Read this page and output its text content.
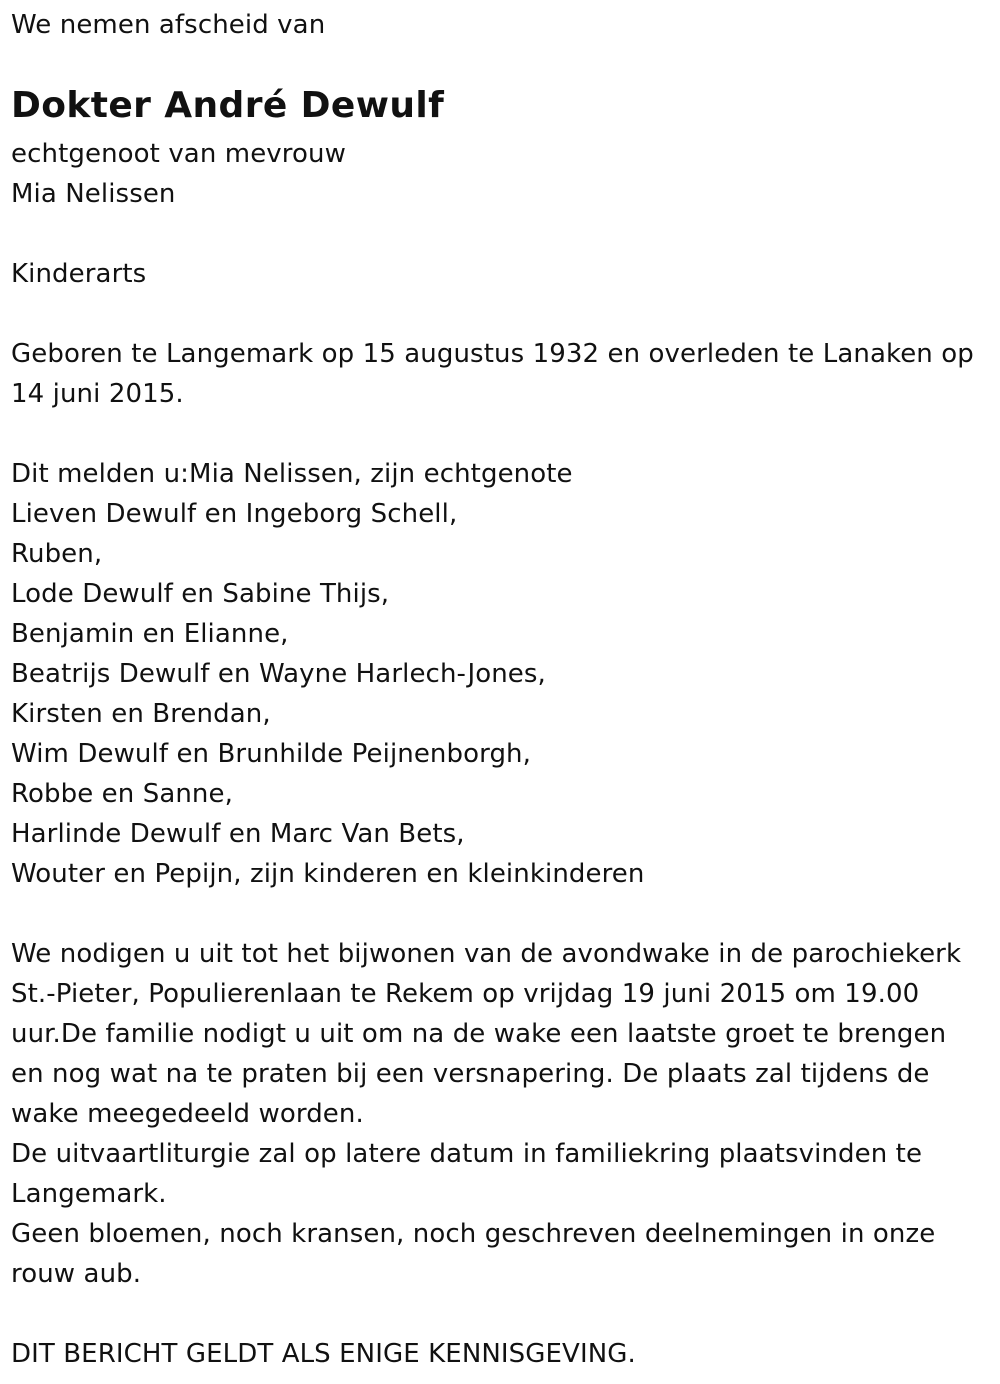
We nemen afscheid van
Dokter André Dewulf
echtgenoot van mevrouw
Mia Nelissen
Kinderarts
Geboren te Langemark op 15 augustus 1932 en overleden te Lanaken op
14 juni 2015.
Dit melden u:Mia Nelissen, zijn echtgenote
Lieven Dewulf en Ingeborg Schell,
Ruben,
Lode Dewulf en Sabine Thijs,
Benjamin en Elianne,
Beatrijs Dewulf en Wayne Harlech-Jones,
Kirsten en Brendan,
Wim Dewulf en Brunhilde Peijnenborgh,
Robbe en Sanne,
Harlinde Dewulf en Marc Van Bets,
Wouter en Pepijn, zijn kinderen en kleinkinderen
We nodigen u uit tot het bijwonen van de avondwake in de parochiekerk
St.-Pieter, Populierenlaan te Rekem op vrijdag 19 juni 2015 om 19.00
uur.De familie nodigt u uit om na de wake een laatste groet te brengen
en nog wat na te praten bij een versnapering. De plaats zal tijdens de
wake meegedeeld worden.
De uitvaartliturgie zal op latere datum in familiekring plaatsvinden te
Langemark.
Geen bloemen, noch kransen, noch geschreven deelnemingen in onze
rouw aub.
DIT BERICHT GELDT ALS ENIGE KENNISGEVING.
